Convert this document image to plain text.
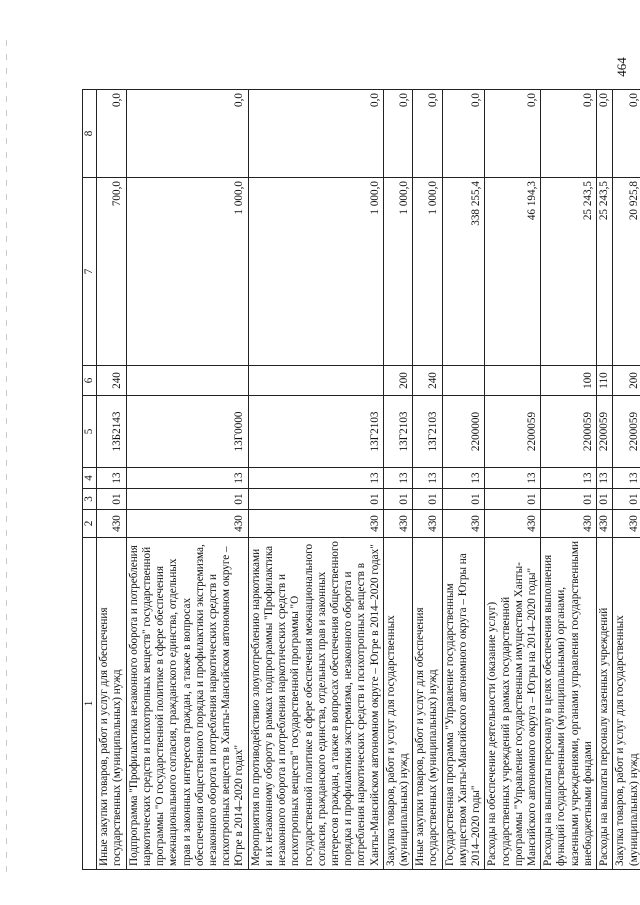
464
1	2	3	4	5	6	7	8
Иные закупки товаров, работ и услуг для обеспечения государственных (муниципальных) нужд	430	01	13	13Б2143	240	700,0	0,0
Подпрограмма "Профилактика незаконного оборота и потребления наркотических средств и психотропных веществ" государственной программы "О государственной политике в сфере обеспечения межнационального согласия, гражданского единства, отдельных прав и законных интересов граждан, а также в вопросах обеспечения общественного порядка и профилактики экстремизма, незаконного оборота и потребления наркотических средств и психотропных веществ в Ханты-Мансийском автономном округе – Югре в 2014–2020 годах"	430	01	13	13Г0000		1 000,0	0,0
Мероприятия по противодействию злоупотреблению наркотиками и их незаконному обороту в рамках подпрограммы "Профилактика незаконного оборота и потребления наркотических средств и психотропных веществ" государственной программы "О государственной политике в сфере обеспечения межнационального согласия, гражданского единства, отдельных прав и законных интересов граждан, а также в вопросах обеспечения общественного порядка и профилактики экстремизма, незаконного оборота и потребления наркотических средств и психотропных веществ в Ханты-Мансийском автономном округе – Югре в 2014–2020 годах"	430	01	13	13Г2103		1 000,0	0,0
Закупка товаров, работ и услуг для государственных (муниципальных) нужд	430	01	13	13Г2103	200	1 000,0	0,0
Иные закупки товаров, работ и услуг для обеспечения государственных (муниципальных) нужд	430	01	13	13Г2103	240	1 000,0	0,0
Государственная программа "Управление государственным имуществом Ханты-Мансийского автономного округа – Югры на 2014–2020 годы"	430	01	13	2200000		338 255,4	0,0
Расходы на обеспечение деятельности (оказание услуг) государственных учреждений в рамках государственной программы "Управление государственным имуществом Ханты-Мансийского автономного округа – Югры на 2014–2020 годы"	430	01	13	2200059		46 194,3	0,0
Расходы на выплаты персоналу в целях обеспечения выполнения функций государственными (муниципальными) органами, казенными учреждениями, органами управления государственными внебюджетными фондами	430	01	13	2200059	100	25 243,5	0,0
Расходы на выплаты персоналу казенных учреждений	430	01	13	2200059	110	25 243,5	0,0
Закупка товаров, работ и услуг для государственных (муниципальных) нужд	430	01	13	2200059	200	20 925,8	0,0
